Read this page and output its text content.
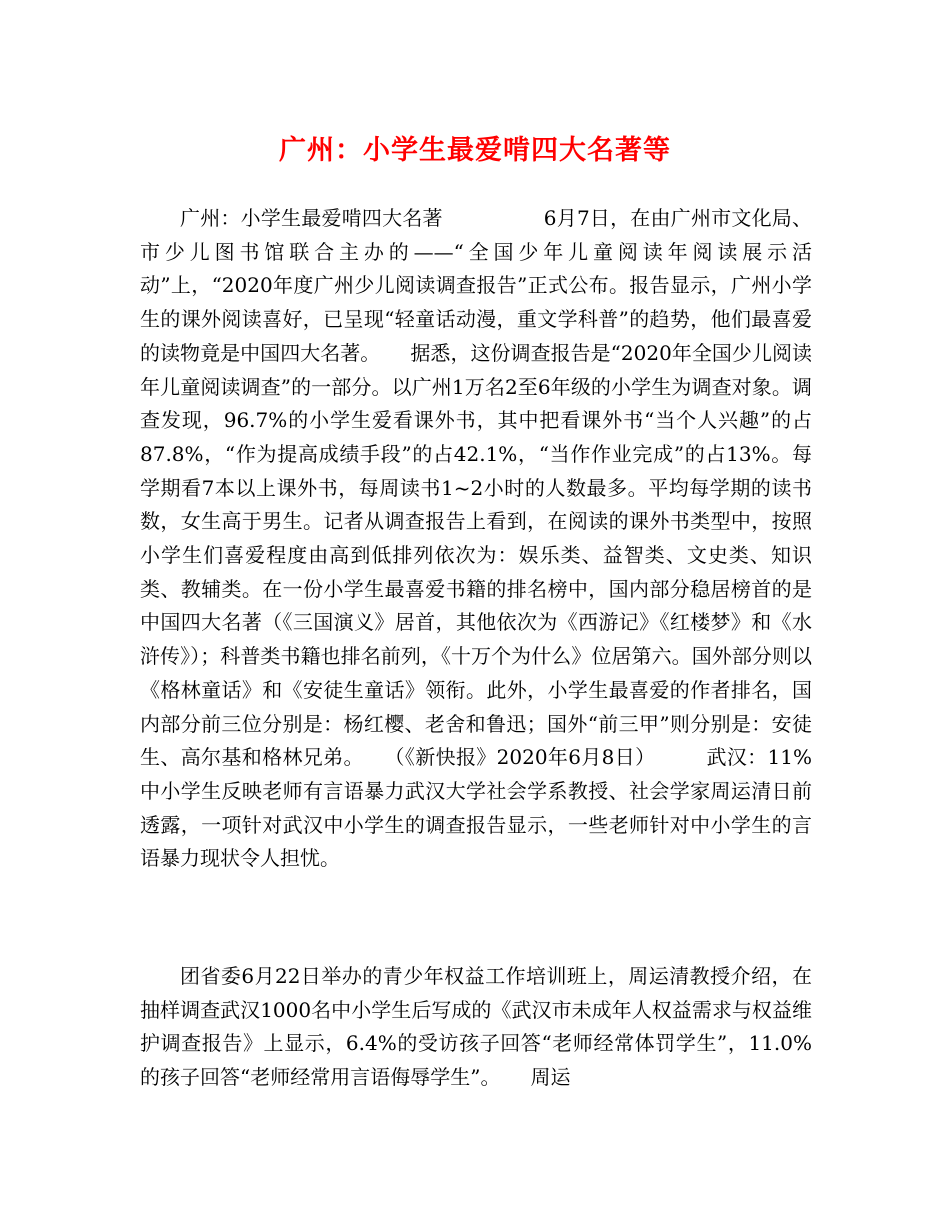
广州：小学生最爱啃四大名著等

广州：小学生最爱啃四大名著　　　　　6月7日，在由广州市文化局、市少儿图书馆联合主办的——“全国少年儿童阅读年阅读展示活动”上，“2020年度广州少儿阅读调查报告”正式公布。报告显示，广州小学生的课外阅读喜好，已呈现“轻童话动漫，重文学科普”的趋势，他们最喜爱的读物竟是中国四大名著。　　据悉，这份调查报告是“2020年全国少儿阅读年儿童阅读调查”的一部分。以广州1万名2至6年级的小学生为调查对象。调查发现，96.7%的小学生爱看课外书，其中把看课外书“当个人兴趣”的占87.8%，“作为提高成绩手段”的占42.1%，“当作作业完成”的占13%。每学期看7本以上课外书，每周读书1~2小时的人数最多。平均每学期的读书数，女生高于男生。记者从调查报告上看到，在阅读的课外书类型中，按照小学生们喜爱程度由高到低排列依次为：娱乐类、益智类、文史类、知识类、教辅类。在一份小学生最喜爱书籍的排名榜中，国内部分稳居榜首的是中国四大名著（《三国演义》居首，其他依次为《西游记》《红楼梦》和《水浒传》）；科普类书籍也排名前列，《十万个为什么》位居第六。国外部分则以《格林童话》和《安徒生童话》领衔。此外，小学生最喜爱的作者排名，国内部分前三位分别是：杨红樱、老舍和鲁迅；国外“前三甲”则分别是：安徒生、高尔基和格林兄弟。　　（《新快报》2020年6月8日）　　　武汉：11%中小学生反映老师有言语暴力武汉大学社会学系教授、社会学家周运清日前透露，一项针对武汉中小学生的调查报告显示，一些老师针对中小学生的言语暴力现状令人担忧。

团省委6月22日举办的青少年权益工作培训班上，周运清教授介绍，在抽样调查武汉1000名中小学生后写成的《武汉市未成年人权益需求与权益维护调查报告》上显示，6.4%的受访孩子回答“老师经常体罚学生”，11.0%的孩子回答“老师经常用言语侮辱学生”。　　周运
